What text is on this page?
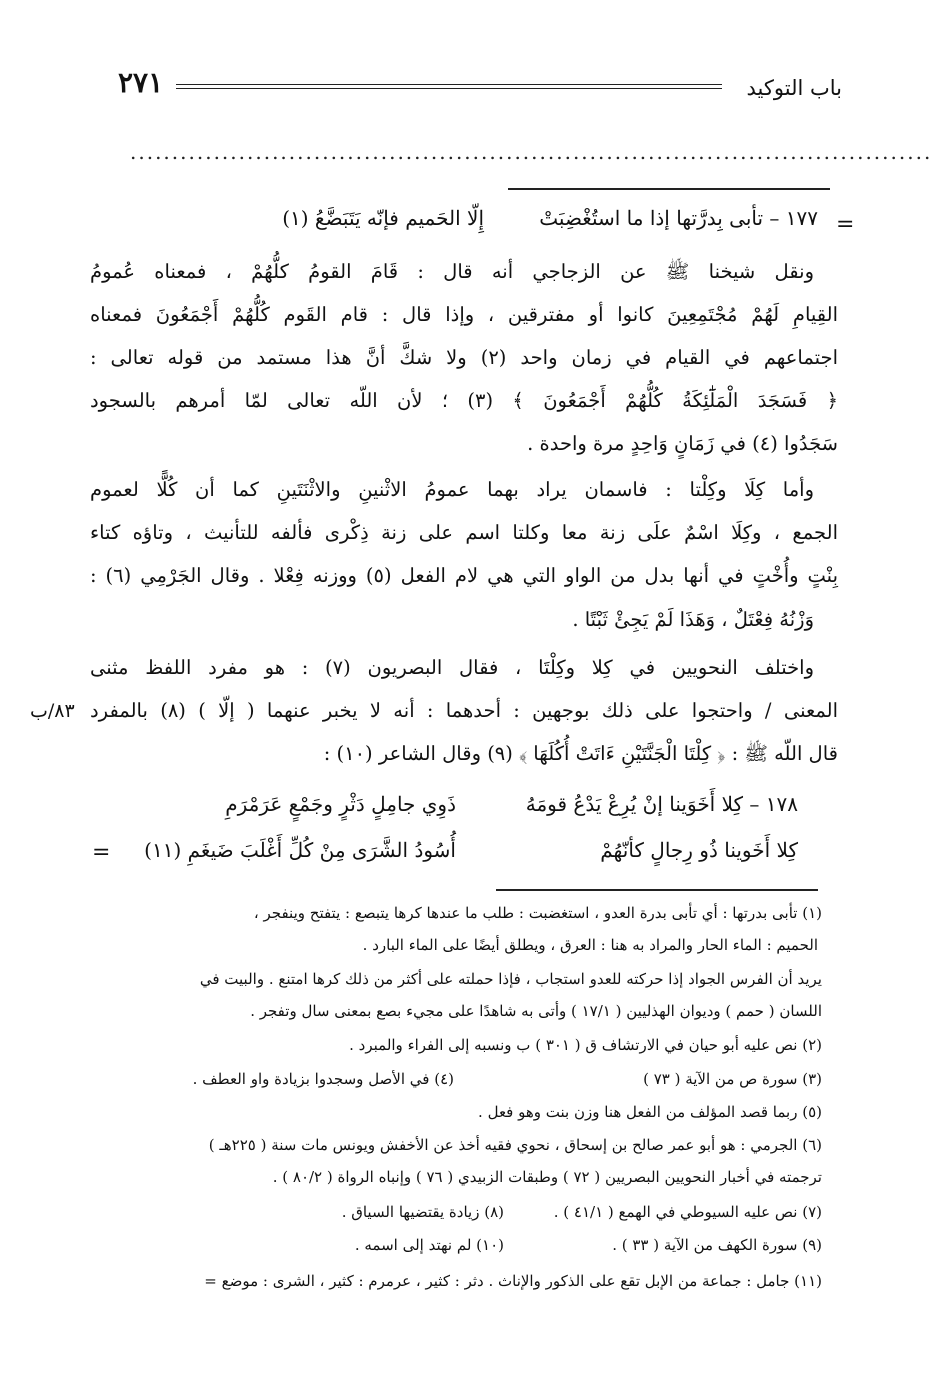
٢٧١	باب التوكيد
................................................................................................
=
١٧٧ – تأبى بِدرَّتها إذا ما استُغْضِبَتْ
إِلّا الحَميم فإنّه يَتَبَضَّعُ (١)
ونقل شيخنا ﷺ عن الزجاجي أنه قال : قَامَ القومُ كلُّهُمْ ، فمعناه عُمومُ
القِيامِ لَهُمْ مُجْتَمِعِينَ كانوا أو مفترقين ، وإذا قال : قام القَوم كُلُّهُمْ أَجْمَعُونَ فمعناه
اجتماعهم في القيام في زمان واحد (٢) ولا شكَّ أنَّ هذا مستمد من قوله تعالى :
﴿ فَسَجَدَ الْمَلَٰٓئِكَةُ كُلُّهُمْ أَجْمَعُونَ ﴾ (٣) ؛ لأن اللّه تعالى لمّا أمرهم بالسجود
سَجَدُوا (٤) في زَمَانٍ وَاحِدٍ مرة واحدة .
وأما كِلَا وكِلْتا : فاسمان يراد بهما عمومُ الاثْنينِ والاثْنَتَينِ كما أن كُلًّا لعموم
الجمع ، وكِلَا اسْمٌ علَى زنة معا وكلتا اسم على زنة ذِكْرى فألفه للتأنيث ، وتاؤه كتاء
بِنْتٍ وأُخْتٍ في أنها بدل من الواو التي هي لام الفعل (٥) ووزنه فِعْلا . وقال الجَرْمِي (٦) :
وَزْنُهُ فِعْتَلٌ ، وَهَذَا لَمْ يَجِئْ ثَبْتًا .
واختلف النحويين في كِلا وكِلْتَا ، فقال البصريون (٧) : هو مفرد اللفظ مثنى
المعنى / واحتجوا على ذلك بوجهين : أحدهما : أنه لا يخبر عنهما ( إلّا ) (٨) بالمفرد
قال اللّه ﷺ : ﴿ كِلْتَا الْجَنَّتَيْنِ ءَاتَتْ أُكُلَهَا ﴾ (٩) وقال الشاعر (١٠) :
٨٣/ب
١٧٨ – كِلا أَخَوَينا إنْ يُرِعْ يَدْعُ قومَهُ
ذَوِي جامِلٍ دَثْرٍ وجَمْعٍ عَرَمْرَمِ
كِلا أَخَوينا ذُو رِجالٍ كأنّهُمْ
أُسُودُ الشَّرَى مِنْ كُلِّ أَغْلَبَ ضَيغَمِ (١١)
=
(١) تأبى بدرتها : أي تأبى بدرة العدو ، استغضبت : طلب ما عندها كرها يتبصع : يتفتح وينفجر ،
الحميم : الماء الحار والمراد به هنا : العرق ، ويطلق أيضًا على الماء البارد .
يريد أن الفرس الجواد إذا حركته للعدو استجاب ، فإذا حملته على أكثر من ذلك كرها امتنع . والبيت في
اللسان ( حمم ) وديوان الهذليين ( ١٧/١ ) وأتى به شاهدًا على مجيء بصع بمعنى سال وتفجر .
(٢) نص عليه أبو حيان في الارتشاف ق ( ٣٠١ ) ب ونسبه إلى الفراء والمبرد .
(٣) سورة ص من الآية ( ٧٣ )
(٤) في الأصل وسجدوا بزيادة واو العطف .
(٥) ربما قصد المؤلف من الفعل هنا وزن بنت وهو فعل .
(٦) الجرمي : هو أبو عمر صالح بن إسحاق ، نحوي فقيه أخذ عن الأخفش ويونس مات سنة ( ٢٢٥هـ )
ترجمته في أخبار النحويين البصريين ( ٧٢ ) وطبقات الزبيدي ( ٧٦ ) وإنباه الرواة ( ٨٠/٢ ) .
(٧) نص عليه السيوطي في الهمع ( ٤١/١ ) .
(٨) زيادة يقتضيها السياق .
(٩) سورة الكهف من الآية ( ٣٣ ) .
(١٠) لم نهتد إلى اسمه .
(١١) جامل : جماعة من الإبل تقع على الذكور والإناث . دثر : كثير ، عرمرم : كثير ، الشرى : موضع =
